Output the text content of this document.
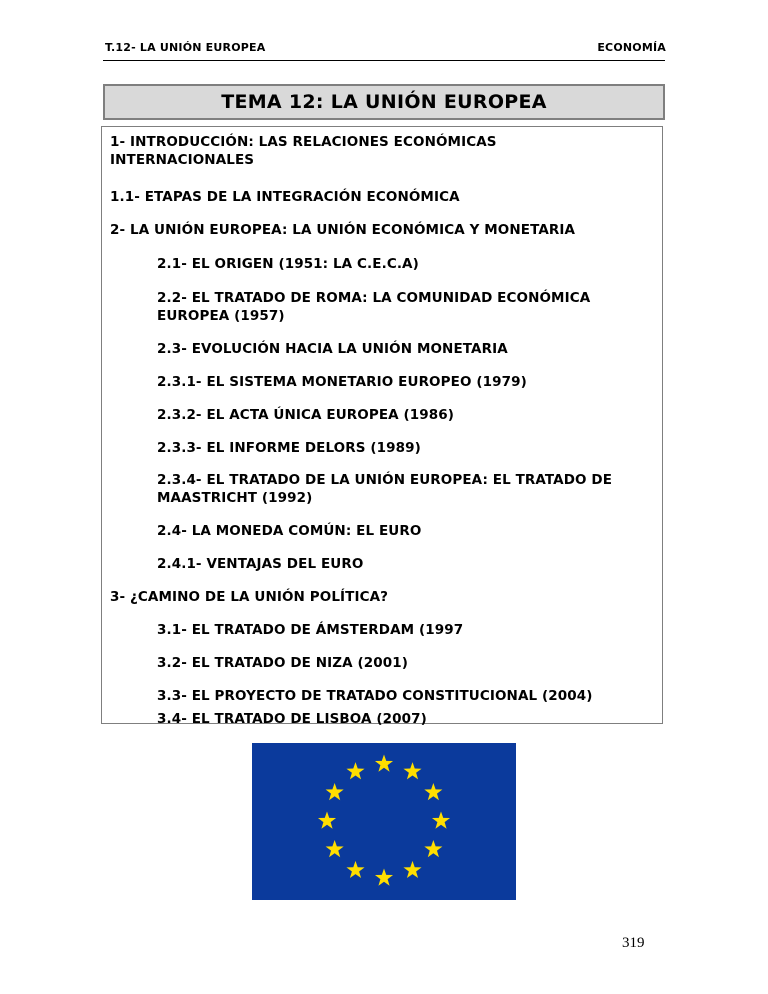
T.12- LA UNIÓN EUROPEA	ECONOMÍA
TEMA 12: LA UNIÓN EUROPEA
1- INTRODUCCIÓN: LAS RELACIONES ECONÓMICAS
INTERNACIONALES
1.1- ETAPAS DE LA INTEGRACIÓN ECONÓMICA
2- LA UNIÓN EUROPEA: LA UNIÓN ECONÓMICA Y MONETARIA
2.1- EL ORIGEN (1951: LA C.E.C.A)
2.2- EL TRATADO DE ROMA: LA COMUNIDAD ECONÓMICA
EUROPEA (1957)
2.3- EVOLUCIÓN HACIA LA UNIÓN MONETARIA
2.3.1- EL SISTEMA MONETARIO EUROPEO (1979)
2.3.2- EL ACTA ÚNICA EUROPEA (1986)
2.3.3- EL INFORME DELORS (1989)
2.3.4- EL TRATADO DE LA UNIÓN EUROPEA: EL TRATADO DE
MAASTRICHT (1992)
2.4- LA MONEDA COMÚN: EL EURO
2.4.1- VENTAJAS DEL EURO
3- ¿CAMINO DE LA UNIÓN POLÍTICA?
3.1- EL TRATADO DE ÁMSTERDAM (1997
3.2- EL TRATADO DE NIZA (2001)
3.3- EL PROYECTO DE TRATADO CONSTITUCIONAL (2004)
3.4- EL TRATADO DE LISBOA (2007)
319
